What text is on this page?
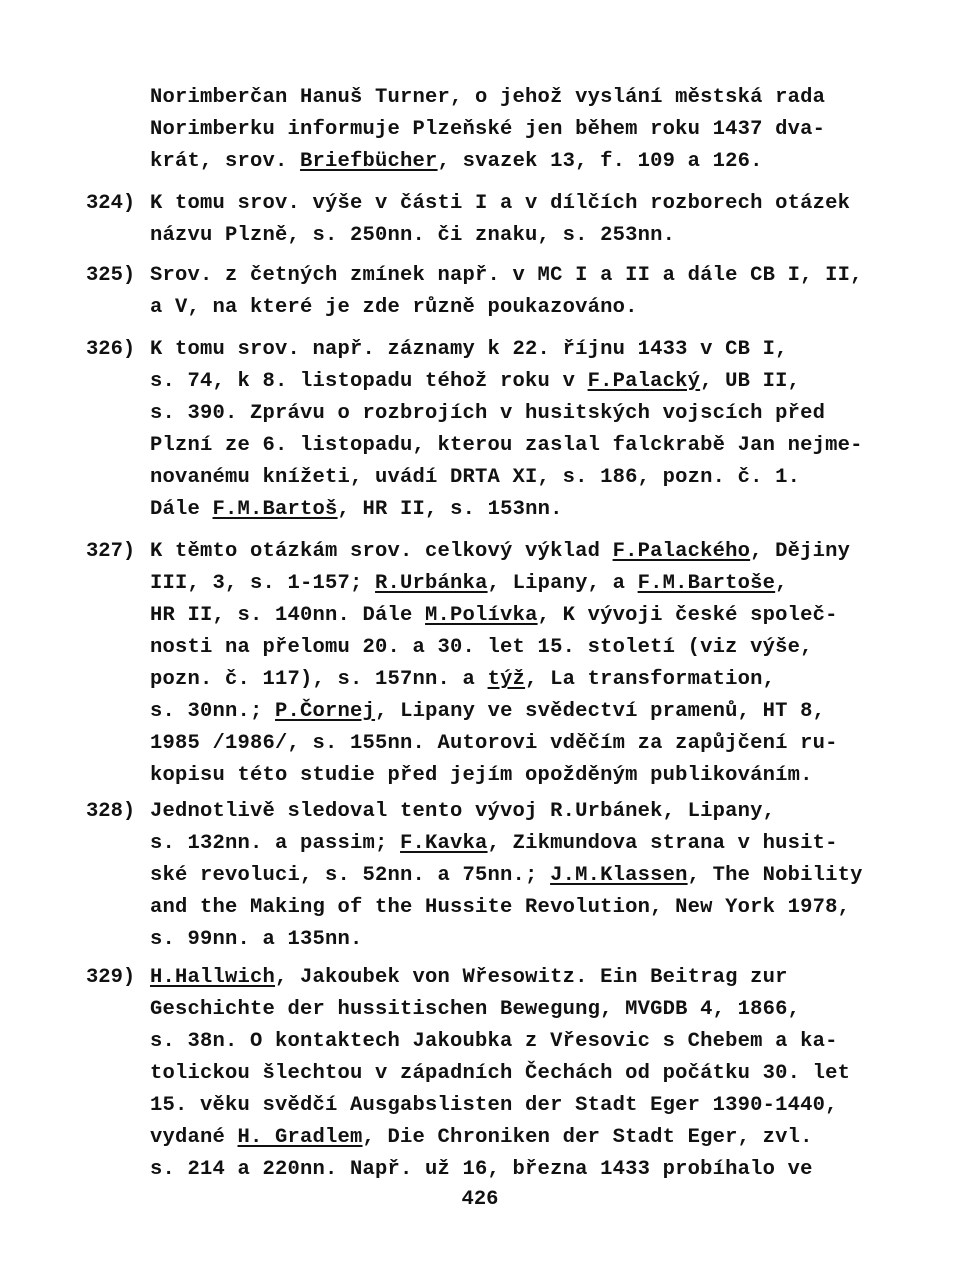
Norimberčan Hanuš Turner, o jehož vyslání městská rada
Norimberku informuje Plzeňské jen během roku 1437 dva-
krát, srov. Briefbücher, svazek 13, f. 109 a 126.
324) K tomu srov. výše v části I a v dílčích rozborech otázek
názvu Plzně, s. 250nn. či znaku, s. 253nn.
325) Srov. z četných zmínek např. v MC I a II a dále CB I, II,
a V, na které je zde různě poukazováno.
326) K tomu srov. např. záznamy k 22. říjnu 1433 v CB I,
s. 74, k 8. listopadu téhož roku v F.Palacký, UB II,
s. 390. Zprávu o rozbrojích v husitských vojscích před
Plzní ze 6. listopadu, kterou zaslal falckrabě Jan nejme-
novanému knížeti, uvádí DRTA XI, s. 186, pozn. č. 1.
Dále F.M.Bartoš, HR II, s. 153nn.
327) K těmto otázkám srov. celkový výklad F.Palackého, Dějiny
III, 3, s. 1-157; R.Urbánka, Lipany, a F.M.Bartoše,
HR II, s. 140nn. Dále M.Polívka, K vývoji české společ-
nosti na přelomu 20. a 30. let 15. století (viz výše,
pozn. č. 117), s. 157nn. a týž, La transformation,
s. 30nn.; P.Čornej, Lipany ve svědectví pramenů, HT 8,
1985 /1986/, s. 155nn. Autorovi vděčím za zapůjčení ru-
kopisu této studie před jejím opožděným publikováním.
328) Jednotlivě sledoval tento vývoj R.Urbánek, Lipany,
s. 132nn. a passim; F.Kavka, Zikmundova strana v husit-
ské revoluci, s. 52nn. a 75nn.; J.M.Klassen, The Nobility
and the Making of the Hussite Revolution, New York 1978,
s. 99nn. a 135nn.
329) H.Hallwich, Jakoubek von Wřesowitz. Ein Beitrag zur
Geschichte der hussitischen Bewegung, MVGDB 4, 1866,
s. 38n. O kontaktech Jakoubka z Vřesovic s Chebem a ka-
tolickou šlechtou v západních Čechách od počátku 30. let
15. věku svědčí Ausgabslisten der Stadt Eger 1390-1440,
vydané H. Gradlem, Die Chroniken der Stadt Eger, zvl.
s. 214 a 220nn. Např. už 16, března 1433 probíhalo ve
426
